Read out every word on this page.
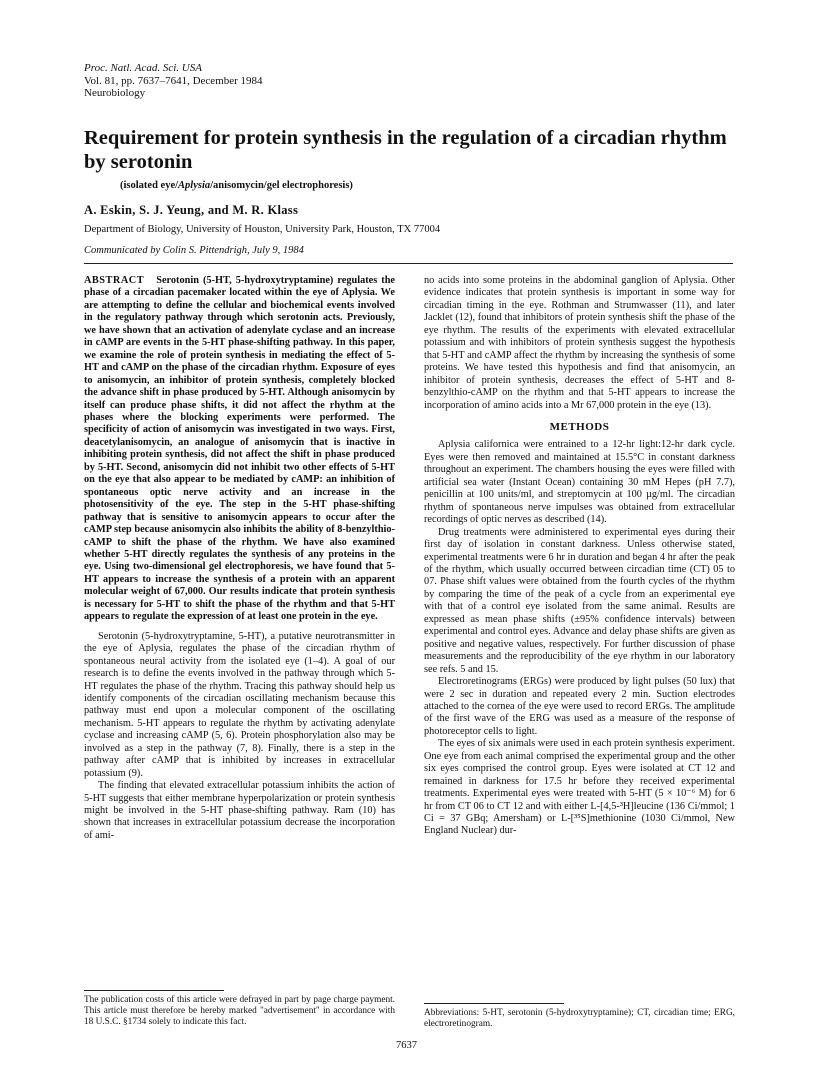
Proc. Natl. Acad. Sci. USA
Vol. 81, pp. 7637–7641, December 1984
Neurobiology
Requirement for protein synthesis in the regulation of a circadian rhythm by serotonin
(isolated eye/Aplysia/anisomycin/gel electrophoresis)
A. Eskin, S. J. Yeung, and M. R. Klass
Department of Biology, University of Houston, University Park, Houston, TX 77004
Communicated by Colin S. Pittendrigh, July 9, 1984

ABSTRACT Serotonin (5-HT, 5-hydroxytryptamine) regulates the phase of a circadian pacemaker located within the eye of Aplysia. We are attempting to define the cellular and biochemical events involved in the regulatory pathway through which serotonin acts. Previously, we have shown that an activation of adenylate cyclase and an increase in cAMP are events in the 5-HT phase-shifting pathway. In this paper, we examine the role of protein synthesis in mediating the effect of 5-HT and cAMP on the phase of the circadian rhythm. Exposure of eyes to anisomycin, an inhibitor of protein synthesis, completely blocked the advance shift in phase produced by 5-HT. Although anisomycin by itself can produce phase shifts, it did not affect the rhythm at the phases where the blocking experiments were performed. The specificity of action of anisomycin was investigated in two ways. First, deacetylanisomycin, an analogue of anisomycin that is inactive in inhibiting protein synthesis, did not affect the shift in phase produced by 5-HT. Second, anisomycin did not inhibit two other effects of 5-HT on the eye that also appear to be mediated by cAMP: an inhibition of spontaneous optic nerve activity and an increase in the photosensitivity of the eye. The step in the 5-HT phase-shifting pathway that is sensitive to anisomycin appears to occur after the cAMP step because anisomycin also inhibits the ability of 8-benzylthio-cAMP to shift the phase of the rhythm. We have also examined whether 5-HT directly regulates the synthesis of any proteins in the eye. Using two-dimensional gel electrophoresis, we have found that 5-HT appears to increase the synthesis of a protein with an apparent molecular weight of 67,000. Our results indicate that protein synthesis is necessary for 5-HT to shift the phase of the rhythm and that 5-HT appears to regulate the expression of at least one protein in the eye.

Serotonin (5-hydroxytryptamine, 5-HT), a putative neurotransmitter in the eye of Aplysia, regulates the phase of the circadian rhythm of spontaneous neural activity from the isolated eye (1–4). A goal of our research is to define the events involved in the pathway through which 5-HT regulates the phase of the rhythm. Tracing this pathway should help us identify components of the circadian oscillating mechanism because this pathway must end upon a molecular component of the oscillating mechanism. 5-HT appears to regulate the rhythm by activating adenylate cyclase and increasing cAMP (5, 6). Protein phosphorylation also may be involved as a step in the pathway (7, 8). Finally, there is a step in the pathway after cAMP that is inhibited by increases in extracellular potassium (9).

The finding that elevated extracellular potassium inhibits the action of 5-HT suggests that either membrane hyperpolarization or protein synthesis might be involved in the 5-HT phase-shifting pathway. Ram (10) has shown that increases in extracellular potassium decrease the incorporation of ami-

no acids into some proteins in the abdominal ganglion of Aplysia. Other evidence indicates that protein synthesis is important in some way for circadian timing in the eye. Rothman and Strumwasser (11), and later Jacklet (12), found that inhibitors of protein synthesis shift the phase of the eye rhythm. The results of the experiments with elevated extracellular potassium and with inhibitors of protein synthesis suggest the hypothesis that 5-HT and cAMP affect the rhythm by increasing the synthesis of some proteins. We have tested this hypothesis and find that anisomycin, an inhibitor of protein synthesis, decreases the effect of 5-HT and 8-benzylthio-cAMP on the rhythm and that 5-HT appears to increase the incorporation of amino acids into a Mr 67,000 protein in the eye (13).

METHODS

Aplysia californica were entrained to a 12-hr light:12-hr dark cycle. Eyes were then removed and maintained at 15.5°C in constant darkness throughout an experiment. The chambers housing the eyes were filled with artificial sea water (Instant Ocean) containing 30 mM Hepes (pH 7.7), penicillin at 100 units/ml, and streptomycin at 100 µg/ml. The circadian rhythm of spontaneous nerve impulses was obtained from extracellular recordings of optic nerves as described (14).

Drug treatments were administered to experimental eyes during their first day of isolation in constant darkness. Unless otherwise stated, experimental treatments were 6 hr in duration and began 4 hr after the peak of the rhythm, which usually occurred between circadian time (CT) 05 to 07. Phase shift values were obtained from the fourth cycles of the rhythm by comparing the time of the peak of a cycle from an experimental eye with that of a control eye isolated from the same animal. Results are expressed as mean phase shifts (±95% confidence intervals) between experimental and control eyes. Advance and delay phase shifts are given as positive and negative values, respectively. For further discussion of phase measurements and the reproducibility of the eye rhythm in our laboratory see refs. 5 and 15.

Electroretinograms (ERGs) were produced by light pulses (50 lux) that were 2 sec in duration and repeated every 2 min. Suction electrodes attached to the cornea of the eye were used to record ERGs. The amplitude of the first wave of the ERG was used as a measure of the response of photoreceptor cells to light.

The eyes of six animals were used in each protein synthesis experiment. One eye from each animal comprised the experimental group and the other six eyes comprised the control group. Eyes were isolated at CT 12 and remained in darkness for 17.5 hr before they received experimental treatments. Experimental eyes were treated with 5-HT (5 × 10⁻⁶ M) for 6 hr from CT 06 to CT 12 and with either L-[4,5-³H]leucine (136 Ci/mmol; 1 Ci = 37 GBq; Amersham) or L-[³⁵S]methionine (1030 Ci/mmol, New England Nuclear) dur-

The publication costs of this article were defrayed in part by page charge payment. This article must therefore be hereby marked "advertisement" in accordance with 18 U.S.C. §1734 solely to indicate this fact.
Abbreviations: 5-HT, serotonin (5-hydroxytryptamine); CT, circadian time; ERG, electroretinogram.
7637
